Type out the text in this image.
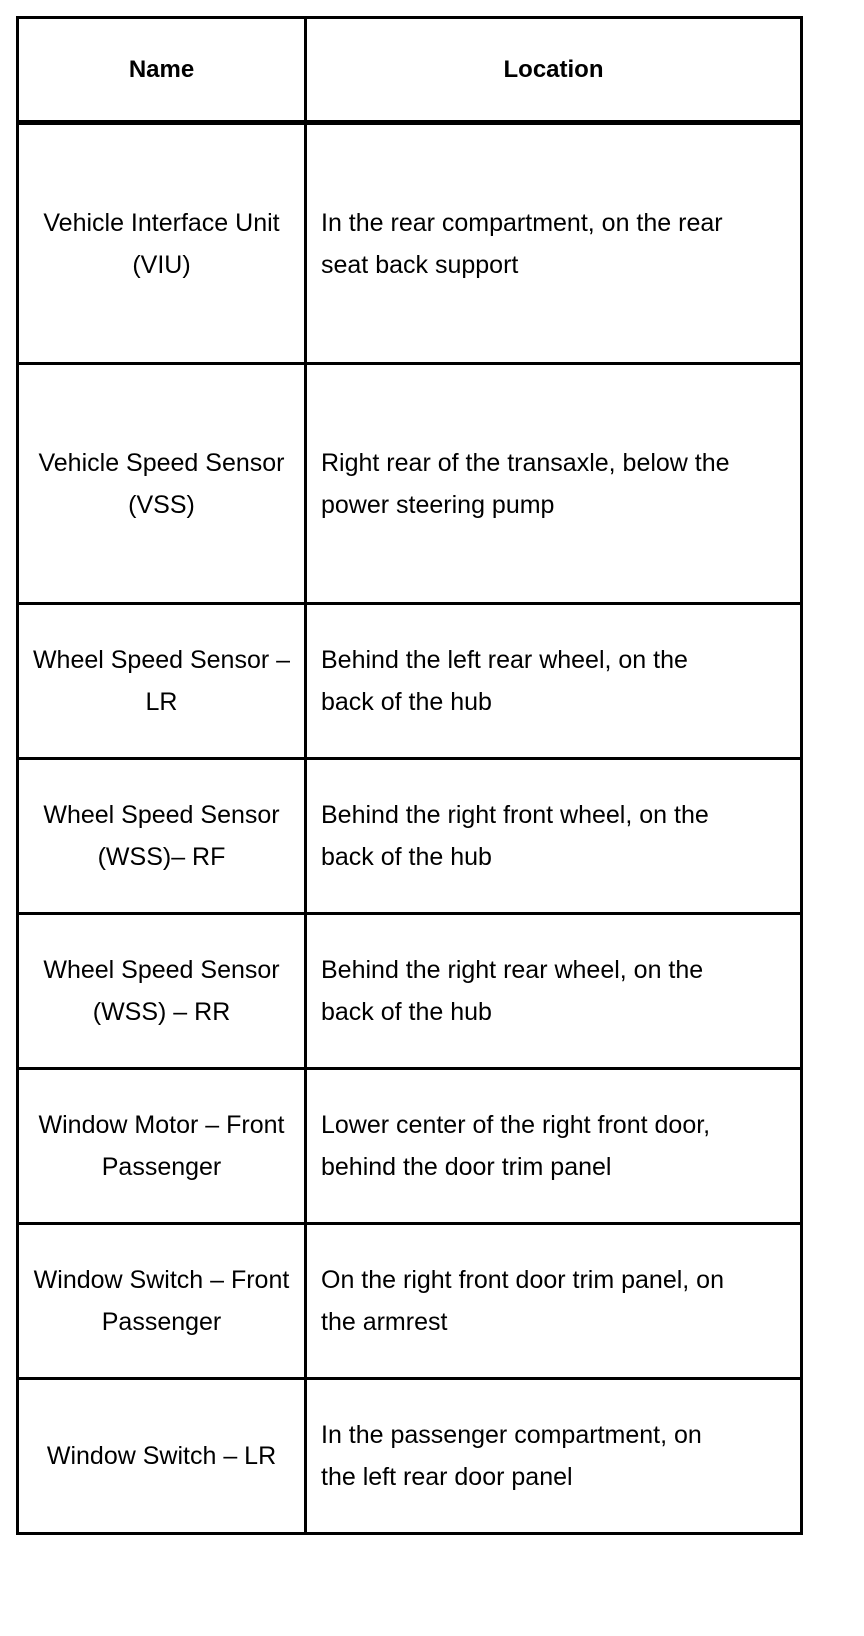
Name	Location

Vehicle Interface Unit (VIU)	In the rear compartment, on the rear seat back support

Vehicle Speed Sensor (VSS)	Right rear of the transaxle, below the power steering pump

Wheel Speed Sensor – LR	Behind the left rear wheel, on the back of the hub

Wheel Speed Sensor (WSS)– RF	Behind the right front wheel, on the back of the hub

Wheel Speed Sensor (WSS) – RR	Behind the right rear wheel, on the back of the hub

Window Motor – Front Passenger	Lower center of the right front door, behind the door trim panel

Window Switch – Front Passenger	On the right front door trim panel, on the armrest

Window Switch – LR	In the passenger compartment, on the left rear door panel
